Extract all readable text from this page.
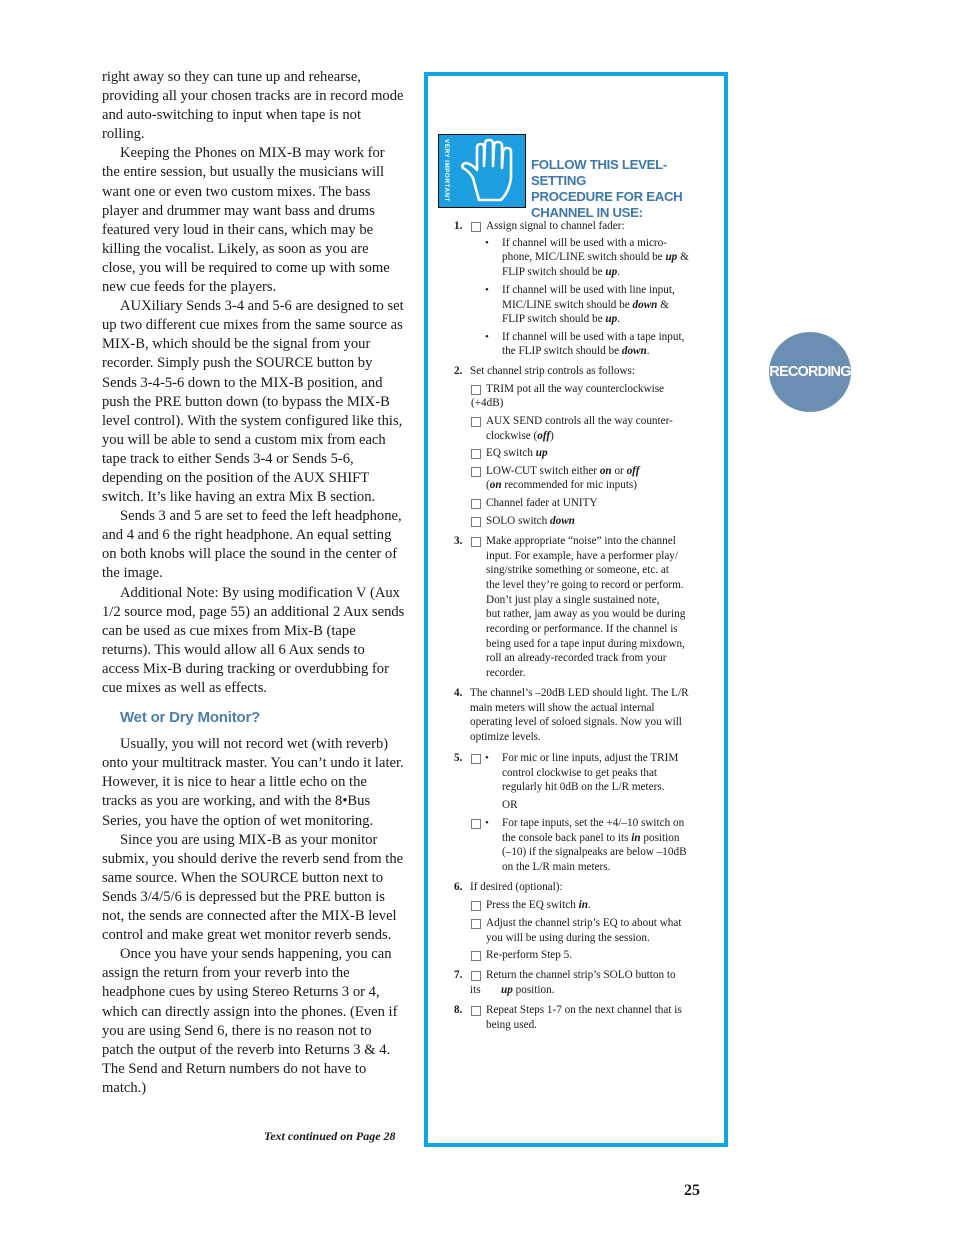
right away so they can tune up and rehearse, providing all your chosen tracks are in record mode and auto-switching to input when tape is not rolling.

Keeping the Phones on MIX-B may work for the entire session, but usually the musicians will want one or even two custom mixes. The bass player and drummer may want bass and drums featured very loud in their cans, which may be killing the vocalist. Likely, as soon as you are close, you will be required to come up with some new cue feeds for the players.

AUXiliary Sends 3-4 and 5-6 are designed to set up two different cue mixes from the same source as MIX-B, which should be the signal from your recorder. Simply push the SOURCE button by Sends 3-4-5-6 down to the MIX-B position, and push the PRE button down (to bypass the MIX-B level control). With the system configured like this, you will be able to send a custom mix from each tape track to either Sends 3-4 or Sends 5-6, depending on the position of the AUX SHIFT switch. It’s like having an extra Mix B section.

Sends 3 and 5 are set to feed the left headphone, and 4 and 6 the right headphone. An equal setting on both knobs will place the sound in the center of the image.

Additional Note: By using modification V (Aux 1/2 source mod, page 55) an additional 2 Aux sends can be used as cue mixes from Mix-B (tape returns). This would allow all 6 Aux sends to access Mix-B during tracking or overdubbing for cue mixes as well as effects.

Wet or Dry Monitor?

Usually, you will not record wet (with reverb) onto your multitrack master. You can’t undo it later. However, it is nice to hear a little echo on the tracks as you are working, and with the 8•Bus Series, you have the option of wet monitoring.

Since you are using MIX-B as your monitor submix, you should derive the reverb send from the same source. When the SOURCE button next to Sends 3/4/5/6 is depressed but the PRE button is not, the sends are connected after the MIX-B level control and make great wet monitor reverb sends.

Once you have your sends happening, you can assign the return from your reverb into the headphone cues by using Stereo Returns 3 or 4, which can directly assign into the phones. (Even if you are using Send 6, there is no reason not to patch the output of the reverb into Returns 3 & 4. The Send and Return numbers do not have to match.)

Text continued on Page 28
25
RECORDING
VERY IMPORTANT	FOLLOW THIS LEVEL-SETTING
PROCEDURE FOR EACH
CHANNEL IN USE:
1. Assign signal to channel fader:
• If channel will be used with a micro-
phone, MIC/LINE switch should be up &
FLIP switch should be up.
• If channel will be used with line input,
MIC/LINE switch should be down &
FLIP switch should be up.
• If channel will be used with a tape input,
the FLIP switch should be down.
2. Set channel strip controls as follows:
TRIM pot all the way counterclockwise
(+4dB)
AUX SEND controls all the way counter-
clockwise (off)
EQ switch up
LOW-CUT switch either on or off
(on recommended for mic inputs)
Channel fader at UNITY
SOLO switch down
3. Make appropriate “noise” into the channel
input. For example, have a performer play/
sing/strike something or someone, etc. at
the level they’re going to record or perform.
Don’t just play a single sustained note,
but rather, jam away as you would be during
recording or performance. If the channel is
being used for a tape input during mixdown,
roll an already-recorded track from your
recorder.
4. The channel’s –20dB LED should light. The L/R
main meters will show the actual internal
operating level of soloed signals. Now you will
optimize levels.
5. • For mic or line inputs, adjust the TRIM
control clockwise to get peaks that
regularly hit 0dB on the L/R meters.
OR
• For tape inputs, set the +4/–10 switch on
the console back panel to its in position
(–10) if the signalpeaks are below –10dB
on the L/R main meters.
6. If desired (optional):
Press the EQ switch in.
Adjust the channel strip’s EQ to about what
you will be using during the session.
Re-perform Step 5.
7. Return the channel strip’s SOLO button to
its up position.
8. Repeat Steps 1-7 on the next channel that is
being used.
